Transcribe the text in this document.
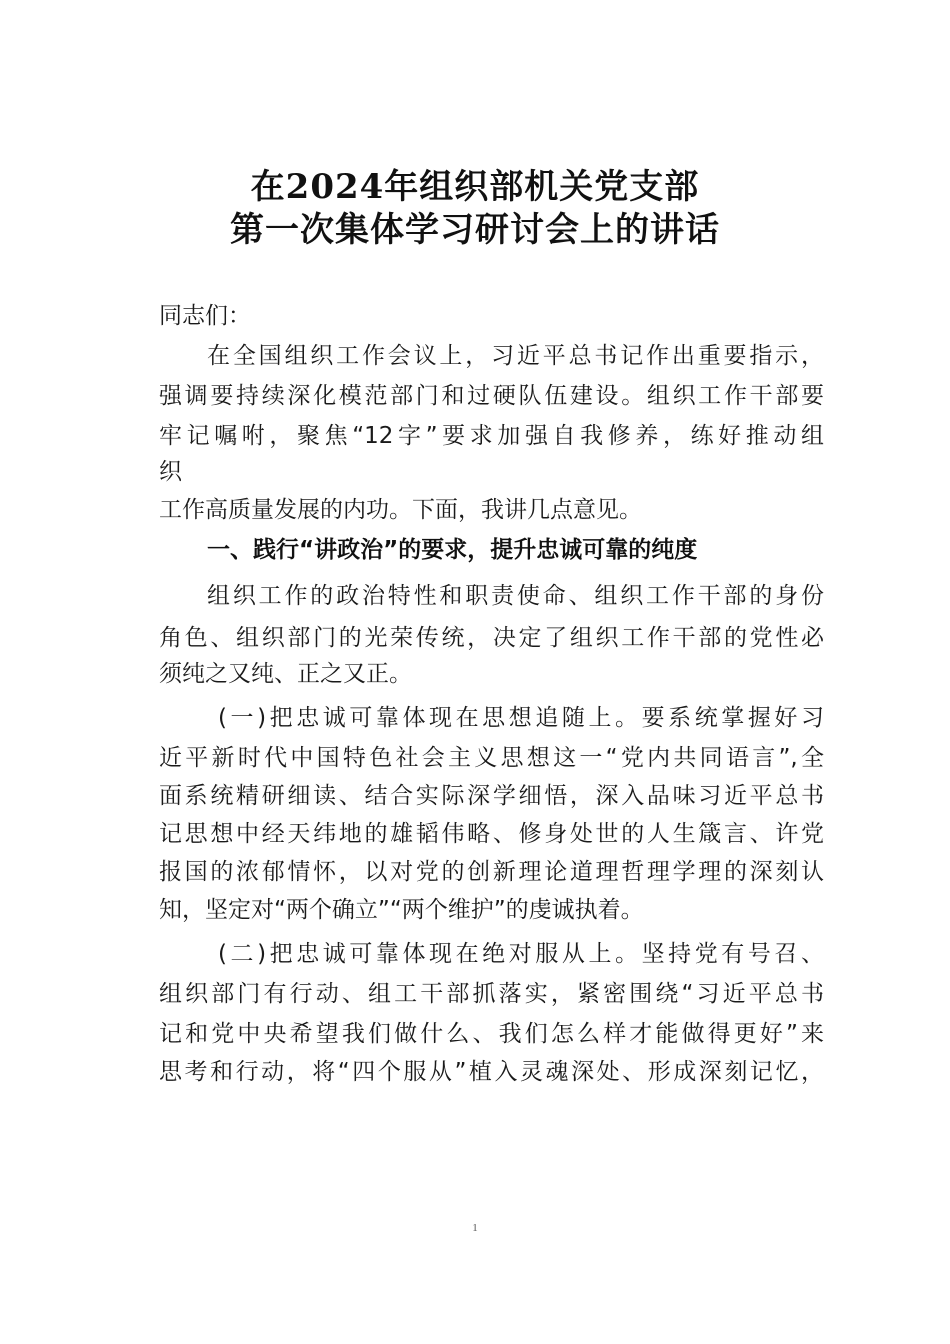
在2024年组织部机关党支部
第一次集体学习研讨会上的讲话
同志们：
在全国组织工作会议上，习近平总书记作出重要指示，
强调要持续深化模范部门和过硬队伍建设。组织工作干部要
牢记嘱咐，聚焦“12字”要求加强自我修养，练好推动组
织
工作高质量发展的内功。下面，我讲几点意见。
一、践行“讲政治”的要求，提升忠诚可靠的纯度
组织工作的政治特性和职责使命、组织工作干部的身份
角色、组织部门的光荣传统，决定了组织工作干部的党性必
须纯之又纯、正之又正。
(一)把忠诚可靠体现在思想追随上。要系统掌握好习
近平新时代中国特色社会主义思想这一“党内共同语言”,全
面系统精研细读、结合实际深学细悟，深入品味习近平总书
记思想中经天纬地的雄韬伟略、修身处世的人生箴言、许党
报国的浓郁情怀，以对党的创新理论道理哲理学理的深刻认
知，坚定对“两个确立”“两个维护”的虔诚执着。
(二)把忠诚可靠体现在绝对服从上。坚持党有号召、
组织部门有行动、组工干部抓落实，紧密围绕“习近平总书
记和党中央希望我们做什么、我们怎么样才能做得更好”来
思考和行动，将“四个服从”植入灵魂深处、形成深刻记忆，
1
